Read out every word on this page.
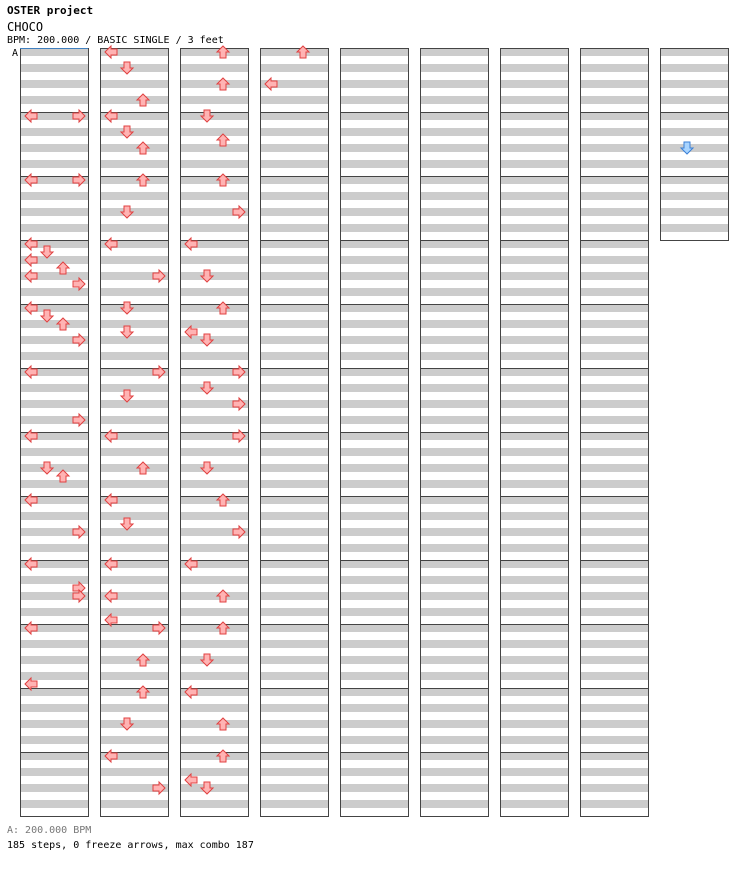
OSTER project
CHOCO
BPM: 200.000 / BASIC SINGLE / 3 feet
A
A: 200.000 BPM
185 steps, 0 freeze arrows, max combo 187
